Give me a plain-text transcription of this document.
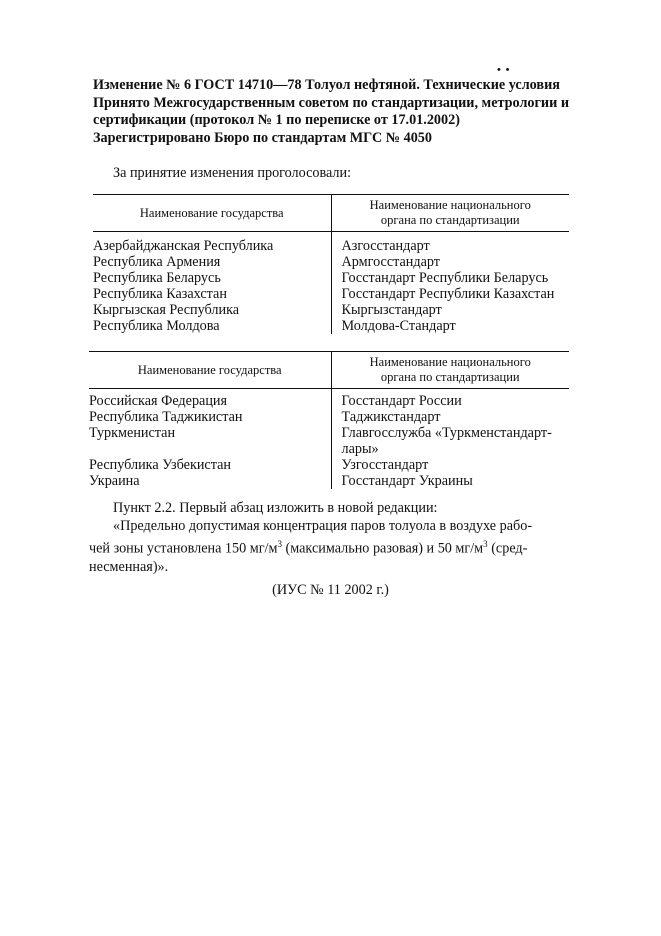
• •
Изменение № 6 ГОСТ 14710—78 Толуол нефтяной. Технические условия
Принято Межгосударственным советом по стандартизации, метрологии и
сертификации (протокол № 1 по переписке от 17.01.2002)
Зарегистрировано Бюро по стандартам МГС № 4050
За принятие изменения проголосовали:
Наименование государства	Наименование национального
органа по стандартизации

Азербайджанская Республика	Азгосстандарт
Республика Армения	Армгосстандарт
Республика Беларусь	Госстандарт Республики Беларусь
Республика Казахстан	Госстандарт Республики Казахстан
Кыргызская Республика	Кыргызстандарт
Республика Молдова	Молдова-Стандарт
Наименование государства	Наименование национального
органа по стандартизации

Российская Федерация	Госстандарт России
Республика Таджикистан	Таджикстандарт
Туркменистан	Главгосслужба «Туркменстандарт-
	лары»
Республика Узбекистан	Узгосстандарт
Украина	Госстандарт Украины
Пункт 2.2. Первый абзац изложить в новой редакции:
«Предельно допустимая концентрация паров толуола в воздухе рабо-
чей зоны установлена 150 $мг/м^3$ (максимально разовая) и 50 $мг/м^3$ (сред-
несменная)».
(ИУС № 11 2002 г.)
